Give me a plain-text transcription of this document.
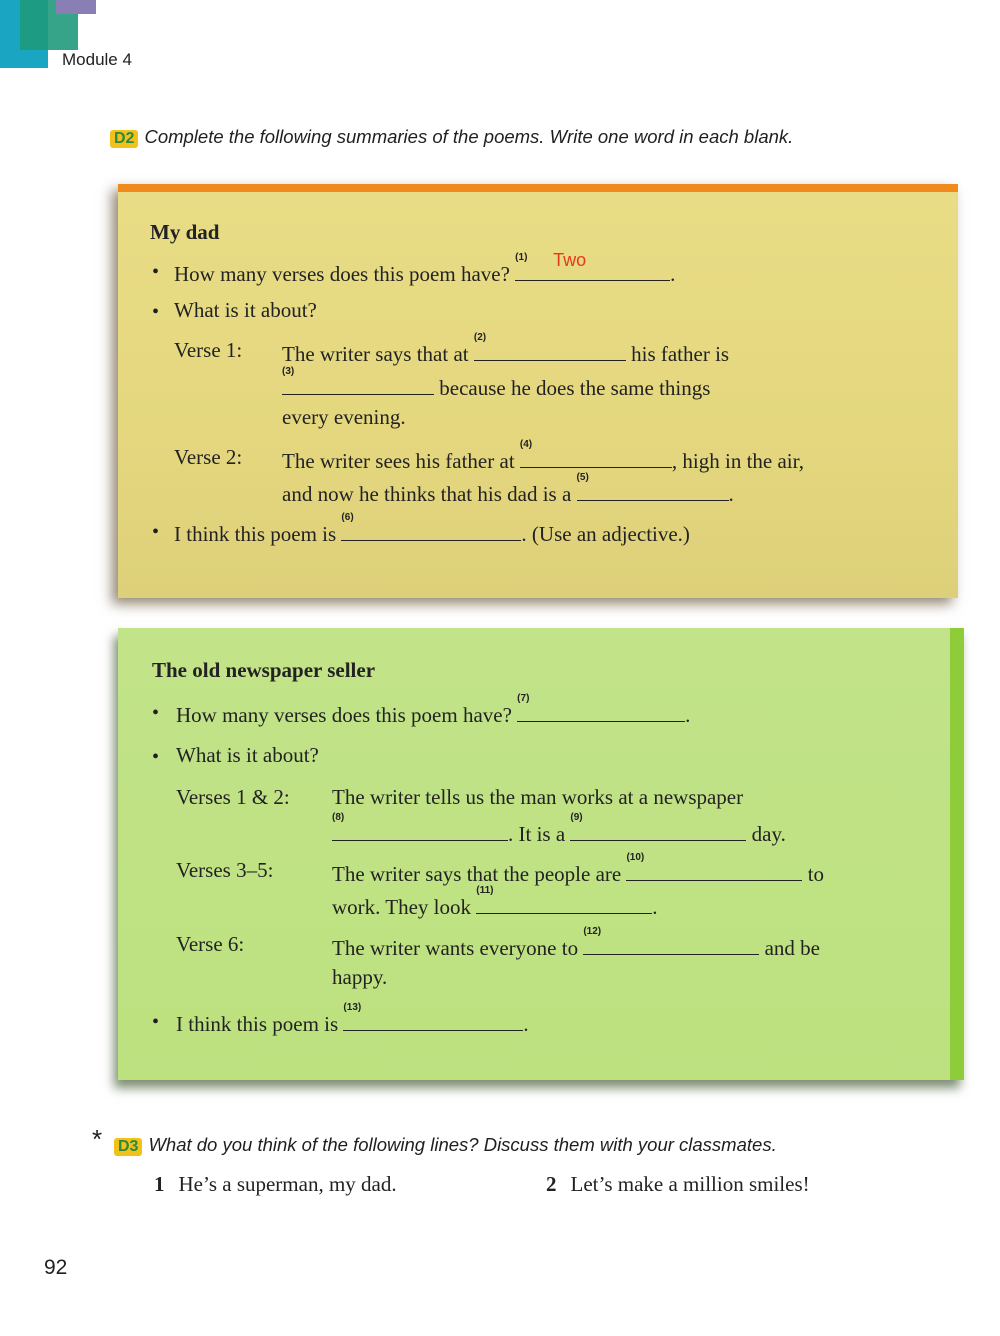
Module 4
D2 Complete the following summaries of the poems. Write one word in each blank.
My dad
• How many verses does this poem have?
(1) Two
.
• What is it about?
Verse 1: The writer says that at
(2)
his father is
(3)
because he does the same things
every evening.
Verse 2: The writer sees his father at
(4)
, high in the air,
and now he thinks that his dad is a
(5)
.
• I think this poem is
(6)
. (Use an adjective.)
The old newspaper seller
• How many verses does this poem have?
(7)
.
• What is it about?
Verses 1 & 2: The writer tells us the man works at a newspaper
(8)
. It is a
(9)
day.
Verses 3–5:	The writer says that the people are
(10)
to
work. They look
(11)
.
Verse 6:	The writer wants everyone to
(12)
and be
happy.
• I think this poem is
(13)
.
* D3 What do you think of the following lines? Discuss them with your classmates.
1 He’s a superman, my dad.	2 Let’s make a million smiles!
92
